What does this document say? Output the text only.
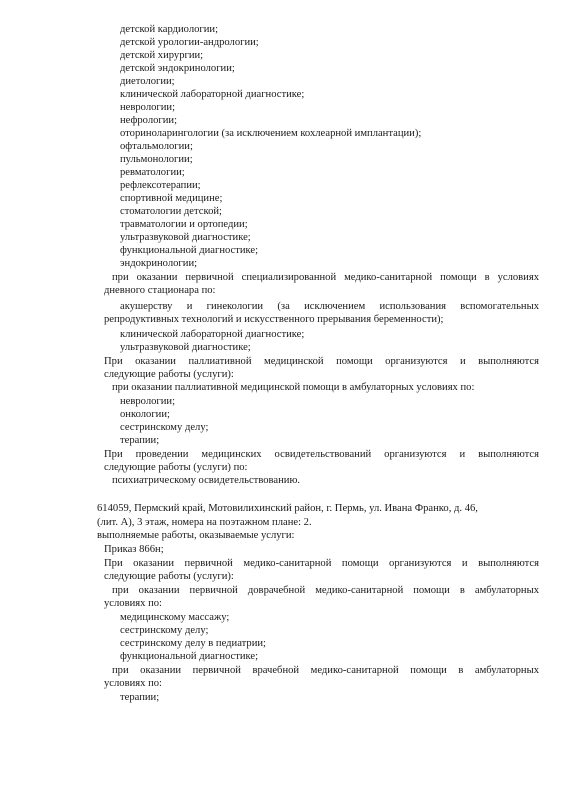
детской кардиологии;
детской урологии-андрологии;
детской хирургии;
детской эндокринологии;
диетологии;
клинической лабораторной диагностике;
неврологии;
нефрологии;
оториноларингологии (за исключением кохлеарной имплантации);
офтальмологии;
пульмонологии;
ревматологии;
рефлексотерапии;
спортивной медицине;
стоматологии детской;
травматологии и ортопедии;
ультразвуковой диагностике;
функциональной диагностике;
эндокринологии;
при оказании первичной специализированной медико-санитарной помощи в условиях
дневного стационара по:
акушерству и гинекологии (за исключением использования вспомогательных
репродуктивных технологий и искусственного прерывания беременности);
клинической лабораторной диагностике;
ультразвуковой диагностике;
При оказании паллиативной медицинской помощи организуются и выполняются
следующие работы (услуги):
при оказании паллиативной медицинской помощи в амбулаторных условиях по:
неврологии;
онкологии;
сестринскому делу;
терапии;
При проведении медицинских освидетельствований организуются и выполняются
следующие работы (услуги) по:
психиатрическому освидетельствованию.
614059, Пермский край, Мотовилихинский район, г. Пермь, ул. Ивана Франко, д. 46,
(лит. А), 3 этаж, номера на поэтажном плане: 2.
выполняемые работы, оказываемые услуги:
Приказ 866н;
При оказании первичной медико-санитарной помощи организуются и выполняются
следующие работы (услуги):
при оказании первичной доврачебной медико-санитарной помощи в амбулаторных
условиях по:
медицинскому массажу;
сестринскому делу;
сестринскому делу в педиатрии;
функциональной диагностике;
при оказании первичной врачебной медико-санитарной помощи в амбулаторных
условиях по:
терапии;
